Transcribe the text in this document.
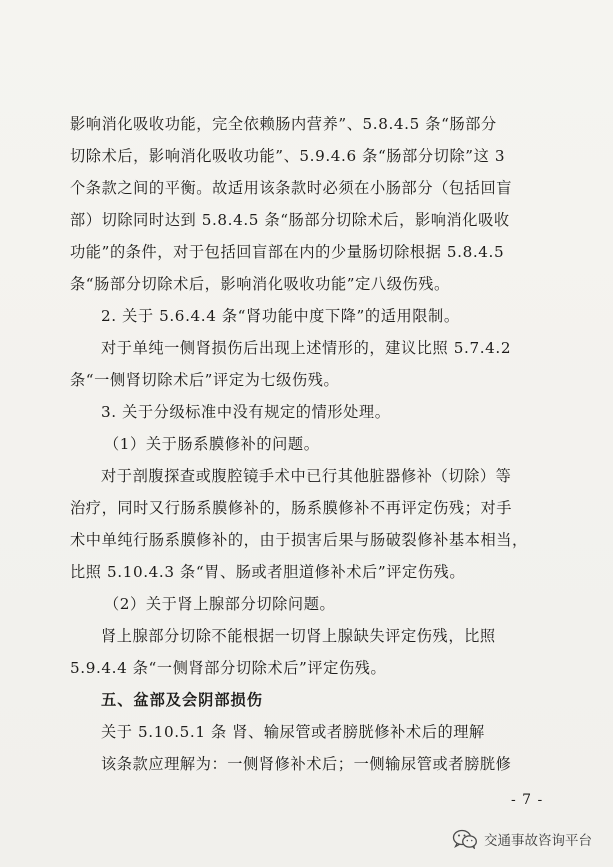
影响消化吸收功能，完全依赖肠内营养”、5.8.4.5 条“肠部分
切除术后，影响消化吸收功能”、5.9.4.6 条“肠部分切除”这 3
个条款之间的平衡。故适用该条款时必须在小肠部分（包括回盲
部）切除同时达到 5.8.4.5 条“肠部分切除术后，影响消化吸收
功能”的条件，对于包括回盲部在内的少量肠切除根据 5.8.4.5
条“肠部分切除术后，影响消化吸收功能”定八级伤残。
2. 关于 5.6.4.4 条“肾功能中度下降”的适用限制。
对于单纯一侧肾损伤后出现上述情形的，建议比照 5.7.4.2
条“一侧肾切除术后”评定为七级伤残。
3. 关于分级标准中没有规定的情形处理。
（1）关于肠系膜修补的问题。
对于剖腹探查或腹腔镜手术中已行其他脏器修补（切除）等
治疗，同时又行肠系膜修补的，肠系膜修补不再评定伤残；对手
术中单纯行肠系膜修补的，由于损害后果与肠破裂修补基本相当，
比照 5.10.4.3 条“胃、肠或者胆道修补术后”评定伤残。
（2）关于肾上腺部分切除问题。
肾上腺部分切除不能根据一切肾上腺缺失评定伤残，比照
5.9.4.4 条“一侧肾部分切除术后”评定伤残。
五、盆部及会阴部损伤
关于 5.10.5.1 条 肾、输尿管或者膀胱修补术后的理解
该条款应理解为：一侧肾修补术后；一侧输尿管或者膀胱修
- 7 -
交通事故咨询平台
